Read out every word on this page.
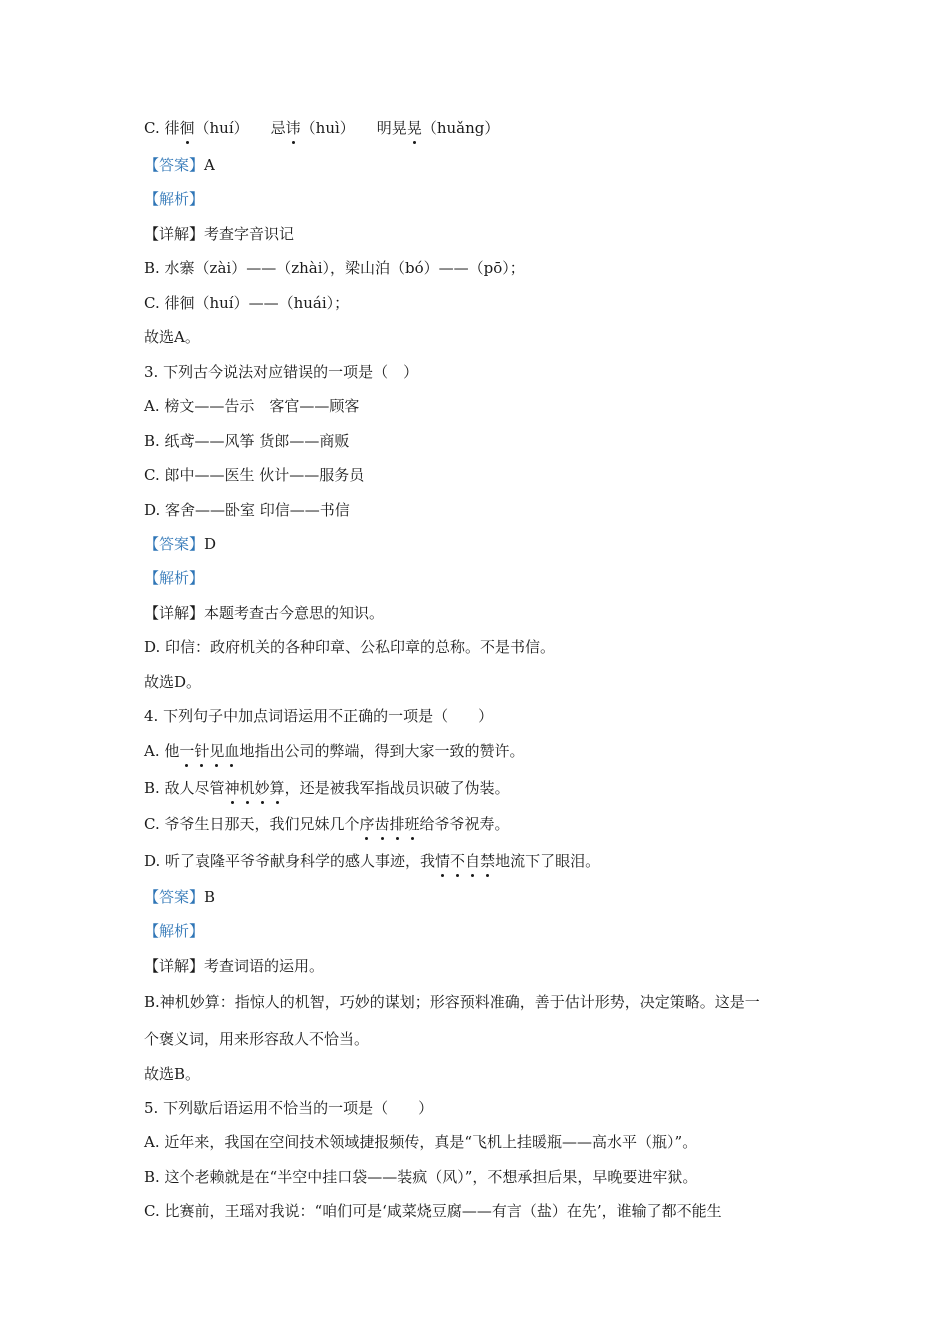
C. 徘徊（huí） 忌讳（huì） 明晃晃（huǎng）
【答案】A
【解析】
【详解】考查字音识记
B. 水寨（zài）——（zhài），梁山泊（bó）——（pō）；
C. 徘徊（huí）——（huái）；
故选A。
3. 下列古今说法对应错误的一项是（　）
A. 榜文——告示　客官——顾客
B. 纸鸢——风筝 货郎——商贩
C. 郎中——医生 伙计——服务员
D. 客舍——卧室 印信——书信
【答案】D
【解析】
【详解】本题考查古今意思的知识。
D. 印信：政府机关的各种印章、公私印章的总称。不是书信。
故选D。
4. 下列句子中加点词语运用不正确的一项是（　　）
A. 他一针见血地指出公司的弊端，得到大家一致的赞许。
B. 敌人尽管神机妙算，还是被我军指战员识破了伪装。
C. 爷爷生日那天，我们兄妹几个序齿排班给爷爷祝寿。
D. 听了袁隆平爷爷献身科学的感人事迹，我情不自禁地流下了眼泪。
【答案】B
【解析】
【详解】考查词语的运用。
B.神机妙算：指惊人的机智，巧妙的谋划；形容预料准确，善于估计形势，决定策略。这是一
个褒义词，用来形容敌人不恰当。
故选B。
5. 下列歇后语运用不恰当的一项是（　　）
A. 近年来，我国在空间技术领域捷报频传，真是“飞机上挂暖瓶——高水平（瓶）”。
B. 这个老赖就是在“半空中挂口袋——装疯（风）”，不想承担后果，早晚要进牢狱。
C. 比赛前，王瑶对我说：“咱们可是‘咸菜烧豆腐——有言（盐）在先’，谁输了都不能生
